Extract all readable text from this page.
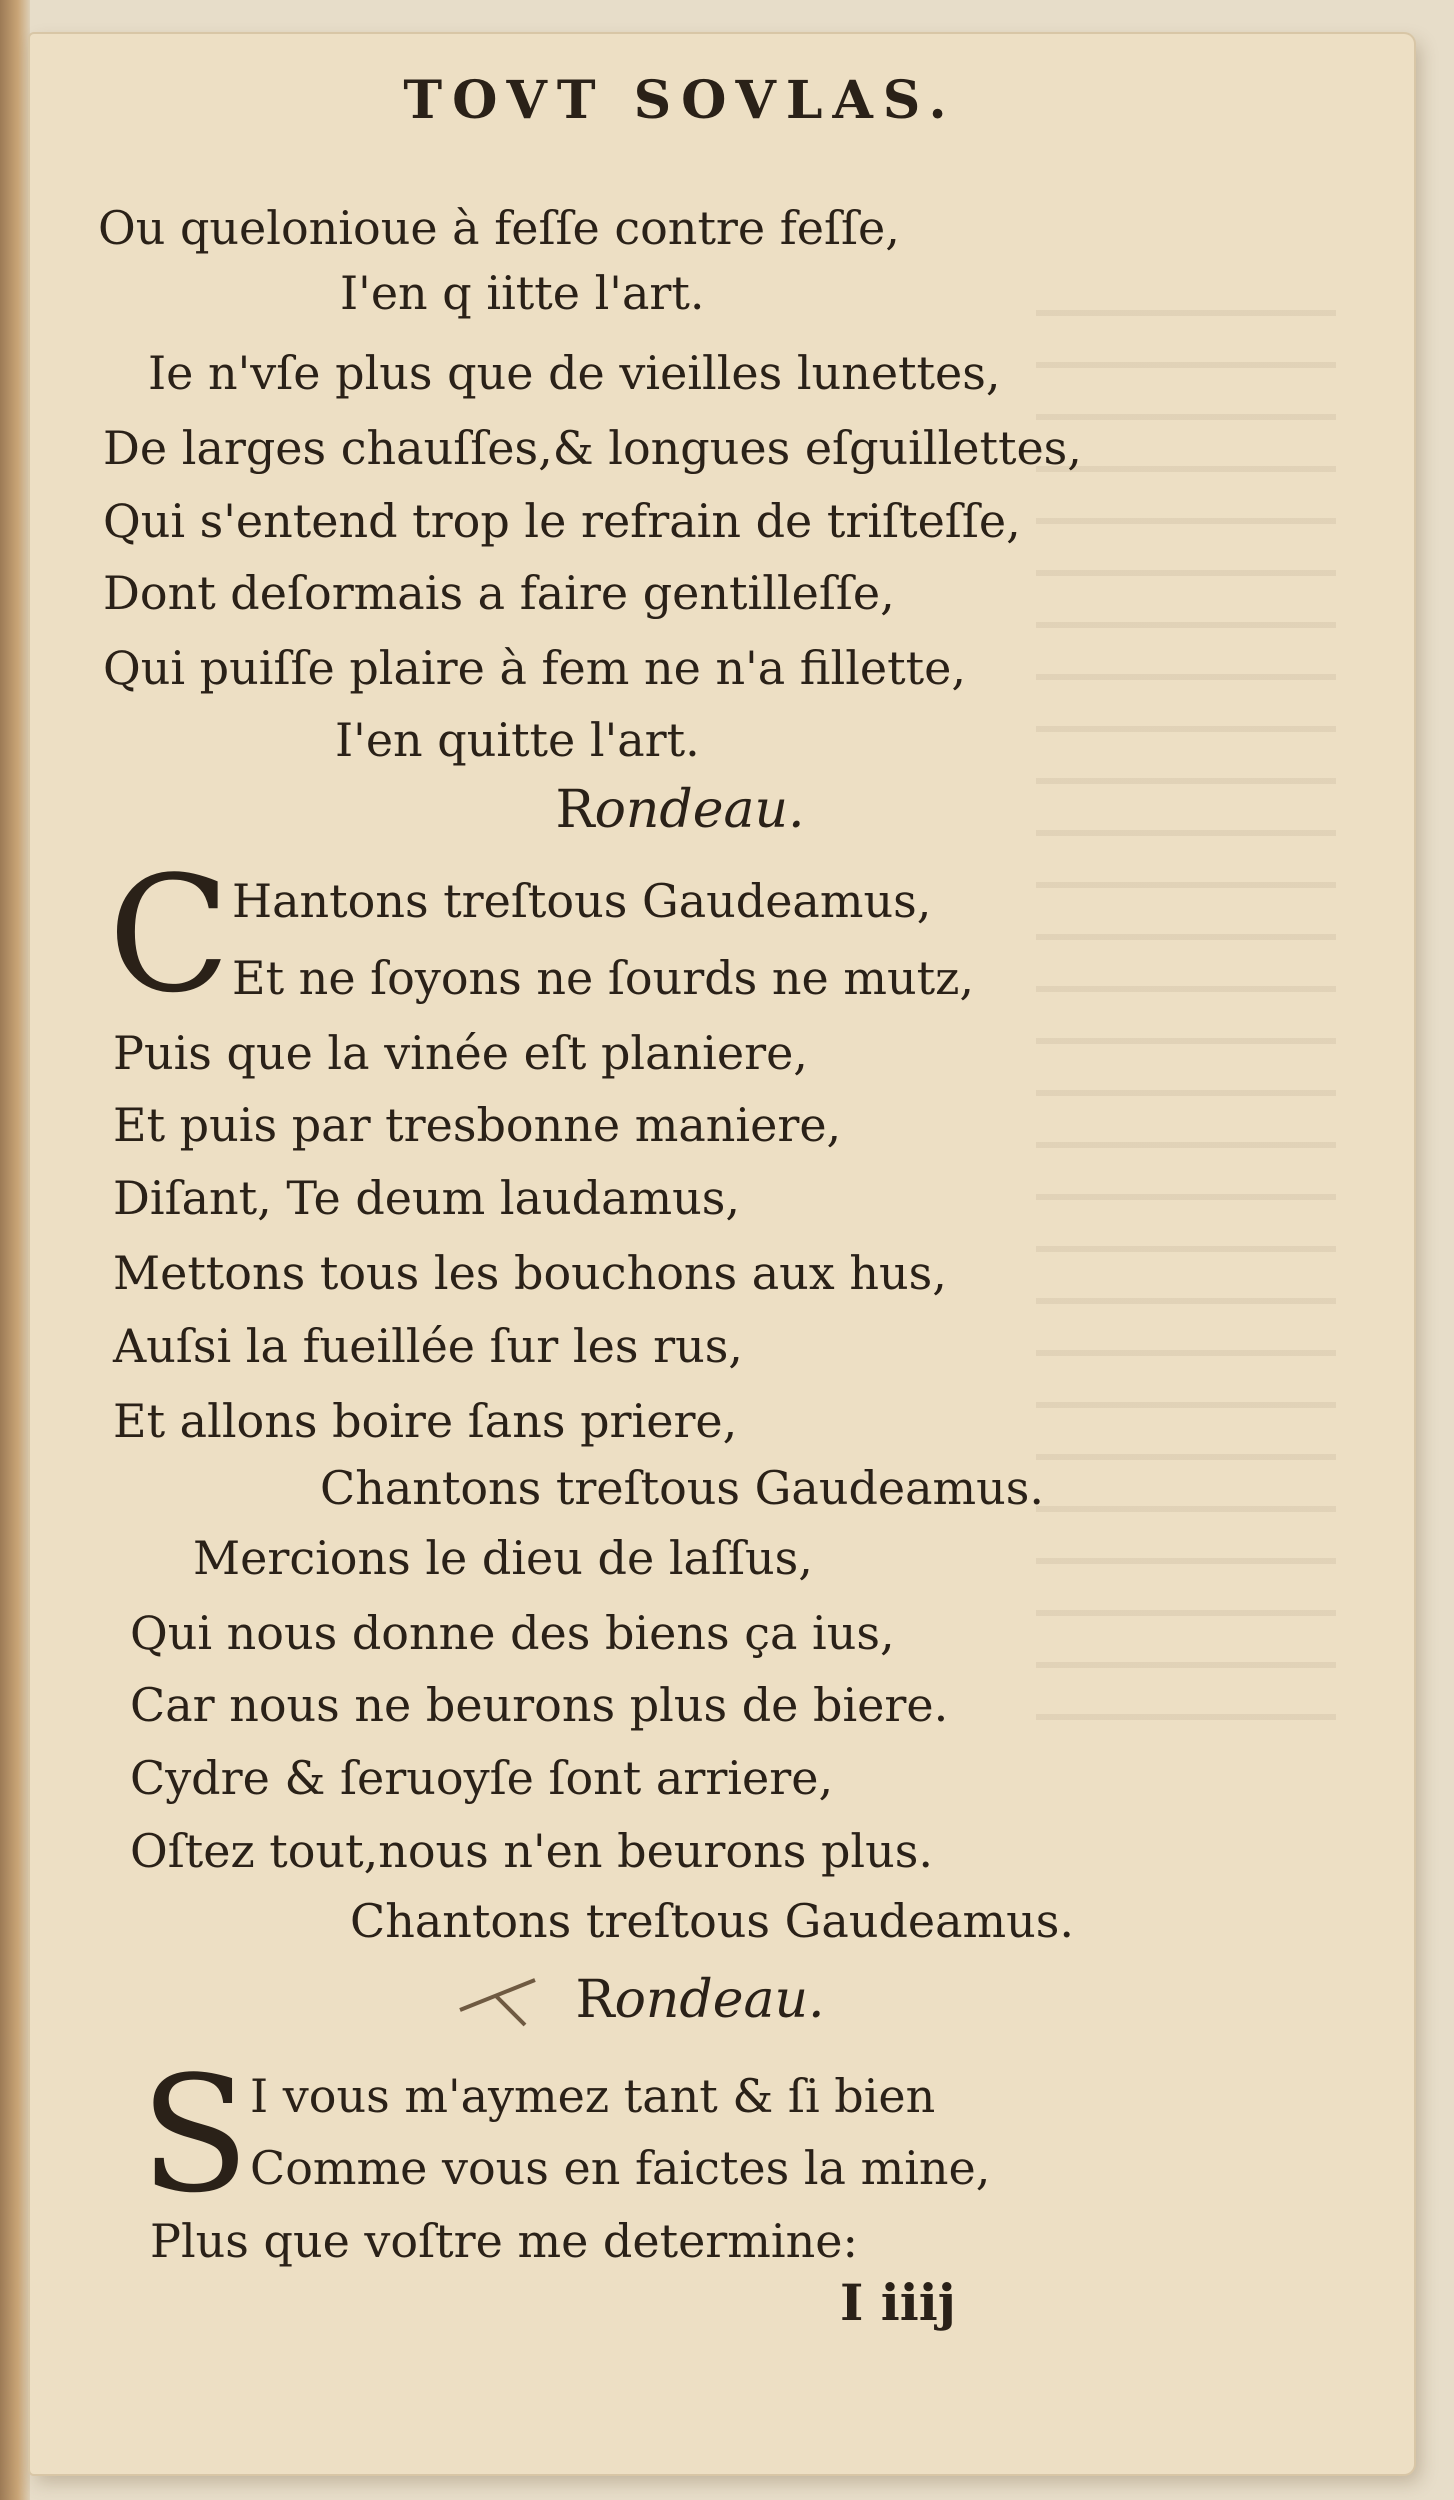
TOVT SOVLAS.
Ou quelonioue à feſſe contre feſſe,
I'en q iitte l'art.
Ie n'vſe plus que de vieilles lunettes,
De larges chauſſes,& longues eſguillettes,
Qui s'entend trop le refrain de triſteſſe,
Dont deſormais a faire gentilleſſe,
Qui puiſſe plaire à fem ne n'a fillette,
I'en quitte l'art.
Rondeau.
C Hantons treſtous Gaudeamus,
Et ne ſoyons ne ſourds ne mutz,
Puis que la vinée eſt planiere,
Et puis par tresbonne maniere,
Diſant, Te deum laudamus,
Mettons tous les bouchons aux hus,
Auſsi la fueillée ſur les rus,
Et allons boire ſans priere,
Chantons treſtous Gaudeamus.
Mercions le dieu de laſſus,
Qui nous donne des biens ça ius,
Car nous ne beurons plus de biere.
Cydre & ſeruoyſe ſont arriere,
Oſtez tout,nous n'en beurons plus.
Chantons treſtous Gaudeamus.
Rondeau.
S I vous m'aymez tant & ſi bien
Comme vous en faictes la mine,
Plus que voſtre me determine:
I iiij
